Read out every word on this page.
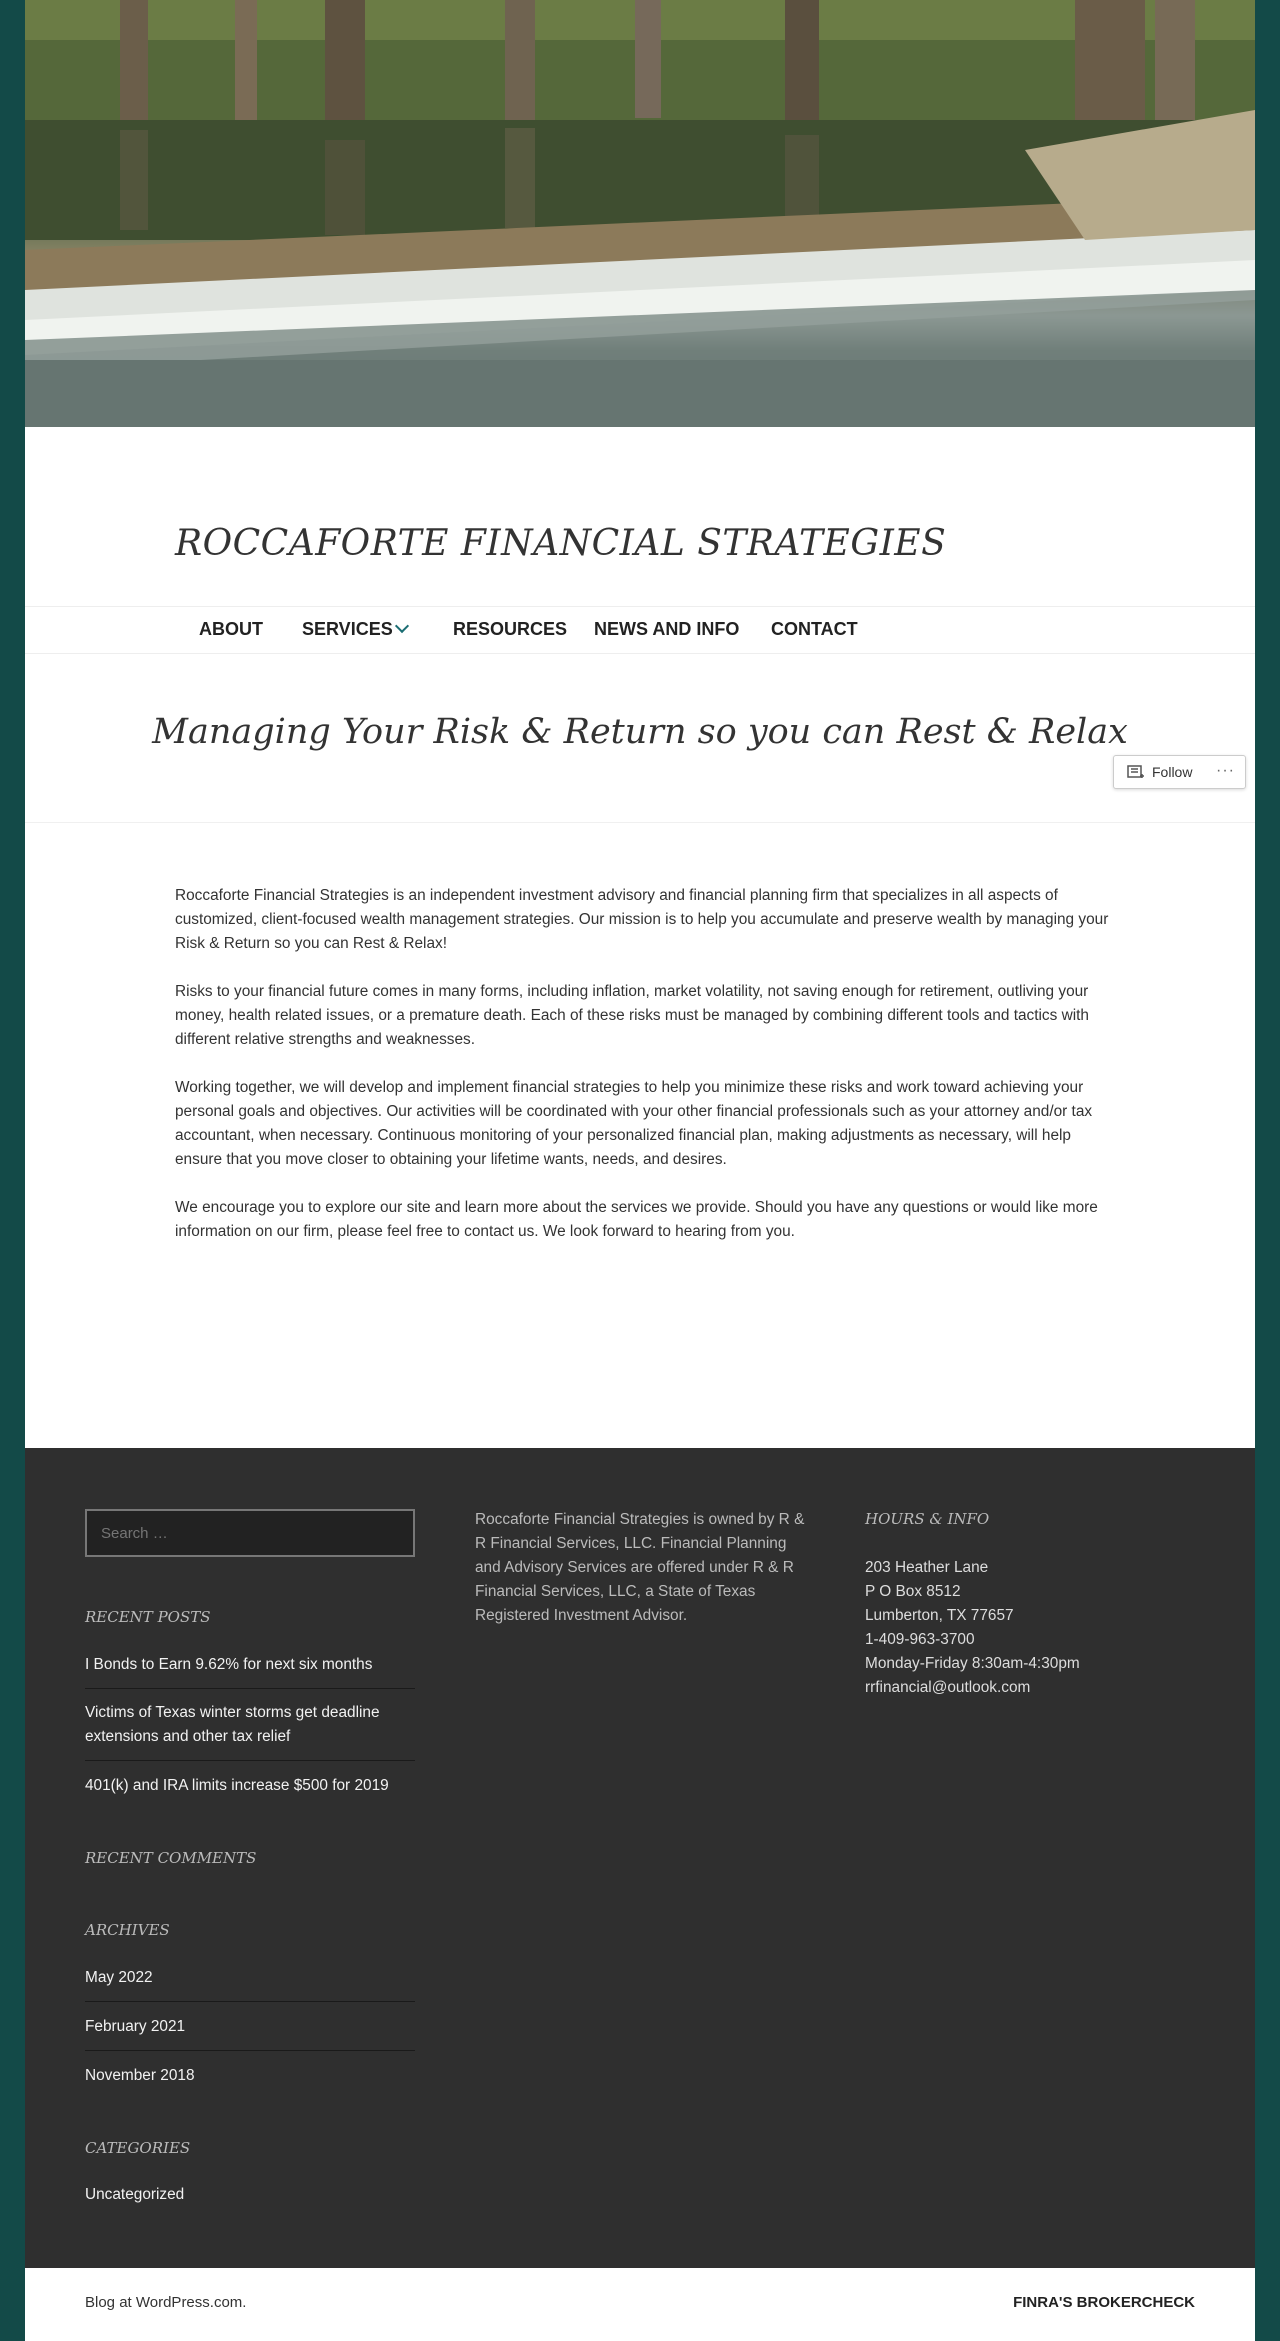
ROCCAFORTE FINANCIAL STRATEGIES
ABOUT SERVICES	RESOURCES NEWS AND INFO CONTACT
Managing Your Risk & Return so you can Rest & Relax

Roccaforte Financial Strategies is an independent investment advisory and financial planning firm that specializes in all aspects of customized, client-focused wealth management strategies. Our mission is to help you accumulate and preserve wealth by managing your Risk & Return so you can Rest & Relax!

Risks to your financial future comes in many forms, including inflation, market volatility, not saving enough for retirement, outliving your money, health related issues, or a premature death. Each of these risks must be managed by combining different tools and tactics with different relative strengths and weaknesses.

Working together, we will develop and implement financial strategies to help you minimize these risks and work toward achieving your personal goals and objectives. Our activities will be coordinated with your other financial professionals such as your attorney and/or tax accountant, when necessary. Continuous monitoring of your personalized financial plan, making adjustments as necessary, will help ensure that you move closer to obtaining your lifetime wants, needs, and desires.

We encourage you to explore our site and learn more about the services we provide. Should you have any questions or would like more information on our firm, please feel free to contact us. We look forward to hearing from you.

Search …
RECENT POSTS
I Bonds to Earn 9.62% for next six months
Victims of Texas winter storms get deadline extensions and other tax relief
401(k) and IRA limits increase $500 for 2019
RECENT COMMENTS
ARCHIVES
May 2022
February 2021
November 2018
CATEGORIES
Uncategorized
Roccaforte Financial Strategies is owned by R & R Financial Services, LLC. Financial Planning and Advisory Services are offered under R & R Financial Services, LLC, a State of Texas Registered Investment Advisor.
HOURS & INFO
203 Heather Lane
P O Box 8512
Lumberton, TX 77657
1-409-963-3700
Monday-Friday 8:30am-4:30pm
rrfinancial@outlook.com
Blog at WordPress.com.	FINRA'S BROKERCHECK
Follow ···
